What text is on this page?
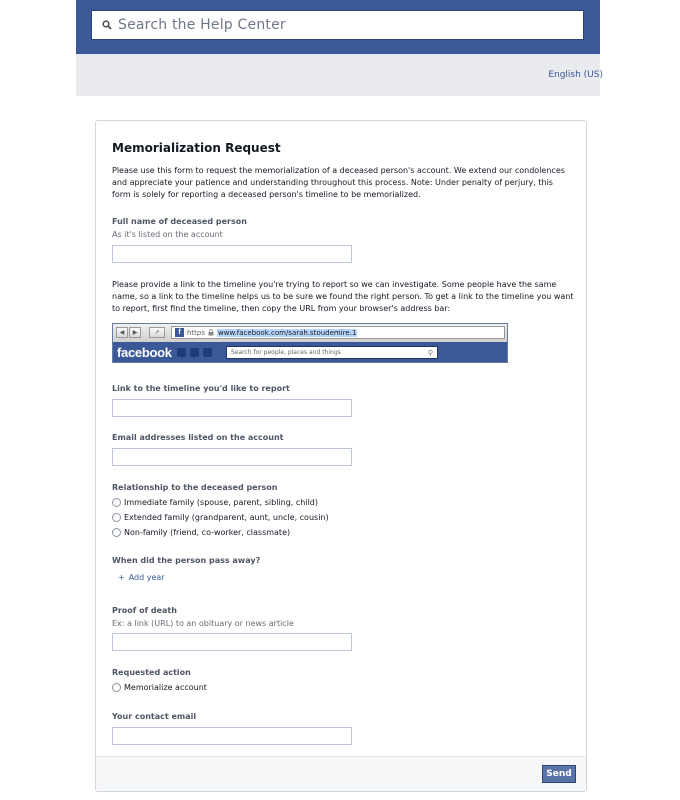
Search the Help Center
English (US)
Memorialization Request

Please use this form to request the memorialization of a deceased person's account. We extend our condolences and appreciate your patience and understanding throughout this process. Note: Under penalty of perjury, this form is solely for reporting a deceased person's timeline to be memorialized.

Full name of deceased person

As it's listed on the account

Please provide a link to the timeline you're trying to report so we can investigate. Some people have the same name, so a link to the timeline helps us to be sure we found the right person. To get a link to the timeline you want to report, first find the timeline, then copy the URL from your browser's address bar:

◀	▶	↗	f https www.facebook.com/sarah.stoudemire.1
facebook	Search for people, places and things	⚲

Link to the timeline you'd like to report

Email addresses listed on the account

Relationship to the deceased person

Immediate family (spouse, parent, sibling, child)
Extended family (grandparent, aunt, uncle, cousin)
Non-family (friend, co-worker, classmate)

When did the person pass away?

+ Add year

Proof of death

Ex: a link (URL) to an obituary or news article

Requested action

Memorialize account

Your contact email

Send
